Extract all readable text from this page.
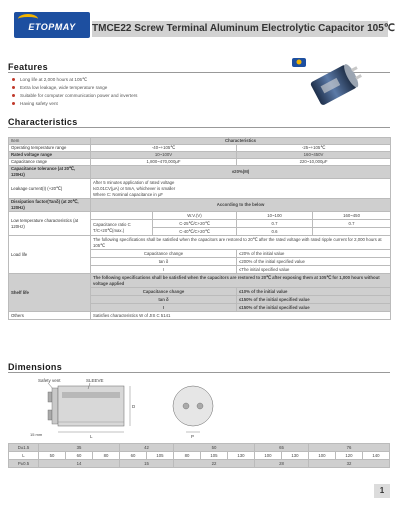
ETOPMAY	TMCE22 Screw Terminal Aluminum Electrolytic Capacitor 105℃
Features
Long life at 2,000 hours at 105℃
Extra low leakage, wide temperature range
Suitable for computer communication power and inverters
Having safety vent
Characteristics
Item	Characteristics			
Operating temperature range	-40~+105℃		-25~+105℃	
Rated voltage range	10~100V		160~450V	
Capacitance range	1,800~470,000μF		220~10,000μF	
Capacitance tolerance (at 20℃, 120Hz)	±20%(M)			
Leakage current(I) (+20℃)	After 5 minutes application of rated voltage
I≤0.01CV(μA) or 5mA, whichever is smaller
Where C: Nominal capacitance in μF			

Dissipation factor(Tanδ) (at 20℃, 120Hz)	According to the below			
Low temperature characteristics (at 120Hz)		W.V.(V)	10~100	160~450
	Capacitance ratio C T/C+20℃(max.)	C-25℃/C+20℃	0.7	0.7
		C-40℃/C+20℃	0.6	
Load life	The following specifications shall be satisfied when the capacitors are restored to 20℃ after the rated voltage with rated ripple current for 2,000 hours at 105℃			
	Capacitance change		≤20% of the initial value	
	tan δ		≤200% of the initial specified value	
	I		≤The initial specified value	
Shelf life	The following specifications shall be satisfied when the capacitors are restored to 20℃ after exposing them at 105℃ for 1,000 hours without voltage applied			
	Capacitance change		≤10% of the initial value	
	tan δ		≤150% of the initial specified value	
	I		≤150% of the initial specified value	
Others	Satisfies characteristics W of JIS C 5141			
Dimensions
Safety vent	SLEEVE
L
15 mm
D
P
D±1.5	35			42		50			65		76		
L	50	60	80	60	105	80	105	130	100	130	100	120	140
P±0.5	14			15		22			28		32		
1
